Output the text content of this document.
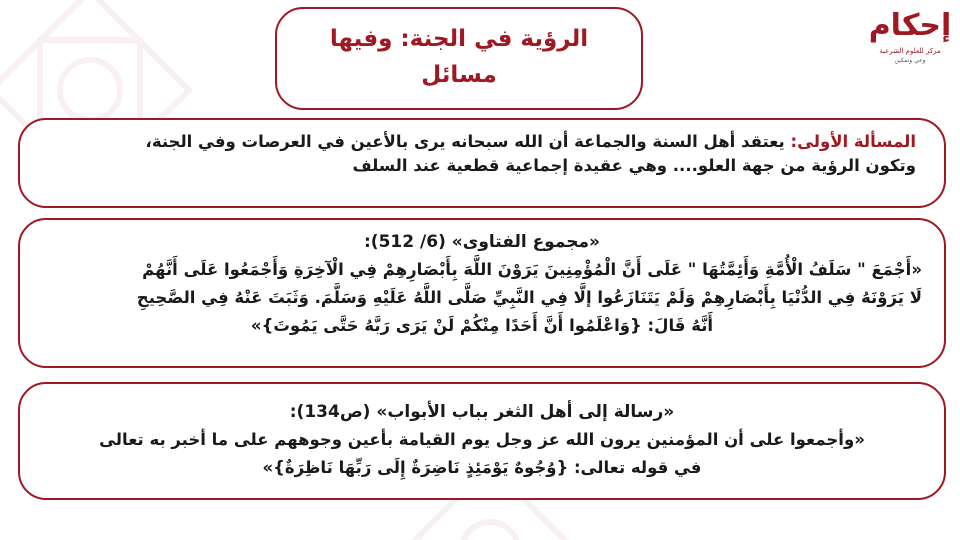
إحكام
مركز للعلوم الشرعية
وعي وتمكين
الرؤية في الجنة: وفيها
مسائل

المسألة الأولى: يعتقد أهل السنة والجماعة أن الله سبحانه يرى بالأعين في العرصات وفي الجنة،

وتكون الرؤية من جهة العلو.... وهي عقيدة إجماعية قطعية عند السلف

«مجموع الفتاوى» (6/ 512):
«أَجْمَعَ " سَلَفُ الْأُمَّةِ وَأَئِمَّتُهَا " عَلَى أَنَّ الْمُؤْمِنِينَ يَرَوْنَ اللَّهَ بِأَبْصَارِهِمْ فِي الْآخِرَةِ وَأَجْمَعُوا عَلَى أَنَّهُمْ
لَا يَرَوْنَهُ فِي الدُّنْيَا بِأَبْصَارِهِمْ وَلَمْ يَتَنَازَعُوا إلَّا فِي النَّبِيِّ صَلَّى اللَّهُ عَلَيْهِ وَسَلَّمَ. وَثَبَتَ عَنْهُ فِي الصَّحِيحِ
أَنَّهُ قَالَ: {وَاعْلَمُوا أَنَّ أَحَدًا مِنْكُمْ لَنْ يَرَى رَبَّهُ حَتَّى يَمُوتَ}»
«رسالة إلى أهل الثغر بباب الأبواب» (ص134):
«وأجمعوا على أن المؤمنين يرون الله عز وجل يوم القيامة بأعين وجوههم على ما أخبر به تعالى
في قوله تعالى: {وُجُوهٌ يَوْمَئِذٍ نَاضِرَةٌ إِلَى رَبِّهَا نَاظِرَةٌ}»
